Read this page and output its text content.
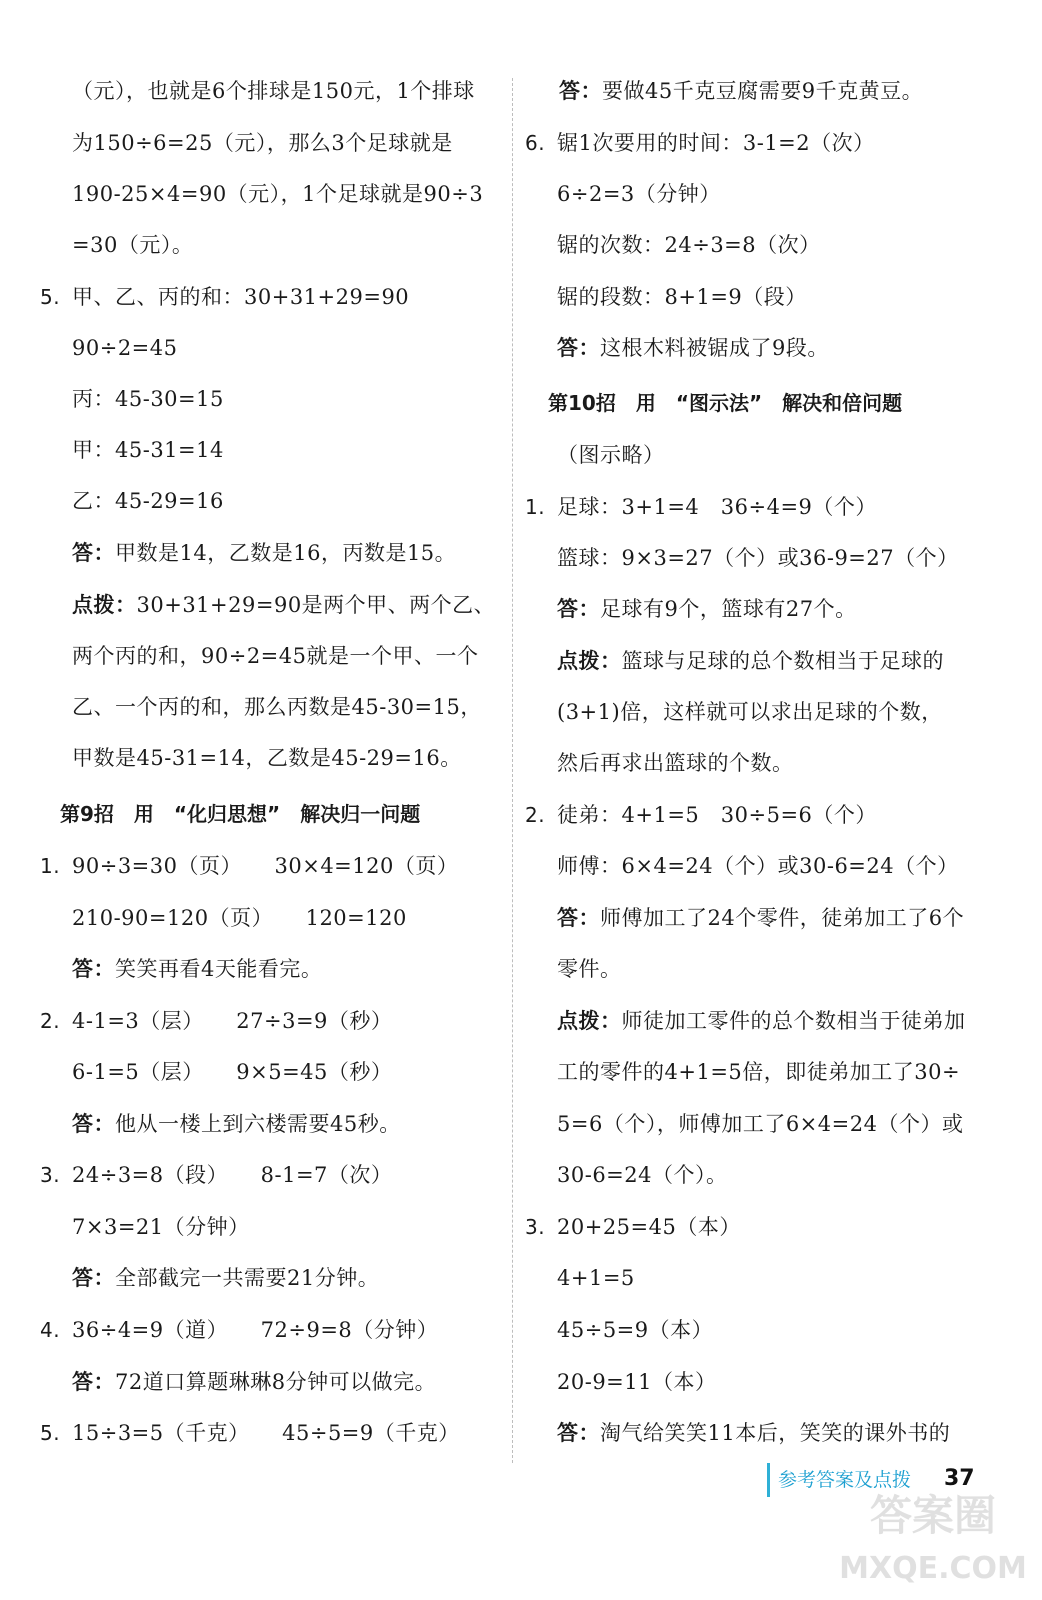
（元），也就是6个排球是150元，1个排球
为150÷6=25（元），那么3个足球就是
190-25×4=90（元），1个足球就是90÷3
=30（元）。
5. 甲、乙、丙的和：30+31+29=90
90÷2=45
丙：45-30=15
甲：45-31=14
乙：45-29=16
答：甲数是14，乙数是16，丙数是15。
点拨：30+31+29=90是两个甲、两个乙、
两个丙的和，90÷2=45就是一个甲、一个
乙、一个丙的和，那么丙数是45-30=15，
甲数是45-31=14，乙数是45-29=16。
第9招　用　“化归思想”　解决归一问题
1. 90÷3=30（页）　　30×4=120（页）
210-90=120（页）　　120=120
答：笑笑再看4天能看完。
2. 4-1=3（层）　　27÷3=9（秒）
6-1=5（层）　　9×5=45（秒）
答：他从一楼上到六楼需要45秒。
3. 24÷3=8（段）　　8-1=7（次）
7×3=21（分钟）
答：全部截完一共需要21分钟。
4. 36÷4=9（道）　　72÷9=8（分钟）
答：72道口算题琳琳8分钟可以做完。
5. 15÷3=5（千克）　　45÷5=9（千克）
答：要做45千克豆腐需要9千克黄豆。
6. 锯1次要用的时间：3-1=2（次）
6÷2=3（分钟）
锯的次数：24÷3=8（次）
锯的段数：8+1=9（段）
答：这根木料被锯成了9段。
第10招　用　“图示法”　解决和倍问题
（图示略）
1. 足球：3+1=4　36÷4=9（个）
篮球：9×3=27（个）或36-9=27（个）
答：足球有9个，篮球有27个。
点拨：篮球与足球的总个数相当于足球的
(3+1)倍，这样就可以求出足球的个数，
然后再求出篮球的个数。
2. 徒弟：4+1=5　30÷5=6（个）
师傅：6×4=24（个）或30-6=24（个）
答：师傅加工了24个零件，徒弟加工了6个
零件。
点拨：师徒加工零件的总个数相当于徒弟加
工的零件的4+1=5倍，即徒弟加工了30÷
5=6（个），师傅加工了6×4=24（个）或
30-6=24（个）。
3. 20+25=45（本）
4+1=5
45÷5=9（本）
20-9=11（本）
答：淘气给笑笑11本后，笑笑的课外书的
参考答案及点拨 37
答案圈
MXQE.COM
